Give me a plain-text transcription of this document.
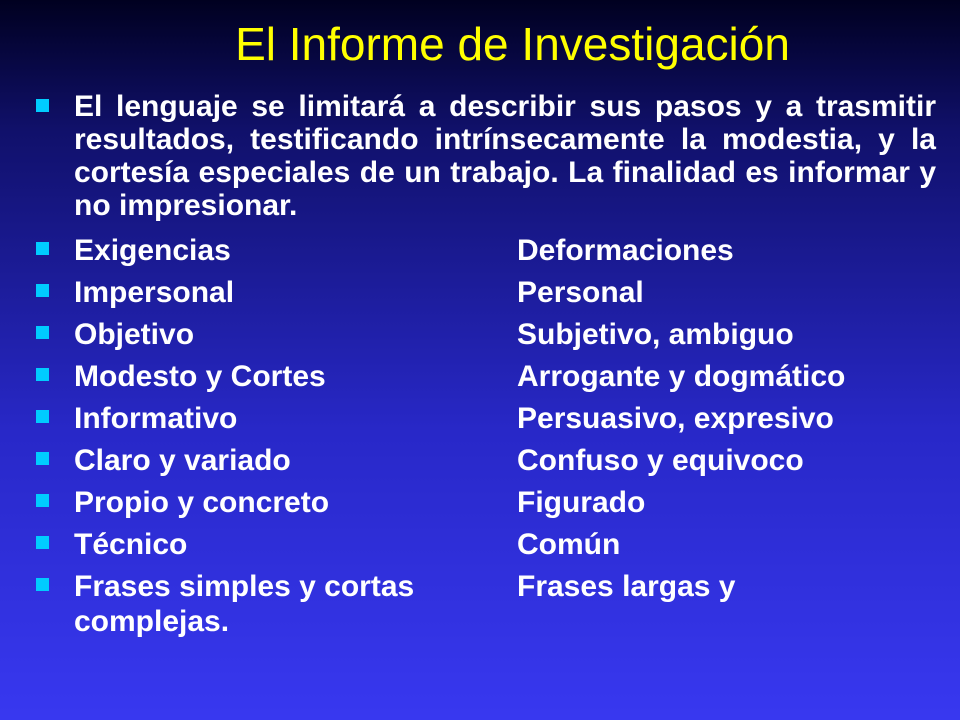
El Informe de Investigación
El lenguaje se limitará a describir sus pasos y a trasmitir resultados, testificando intrínsecamente la modestia, y la cortesía especiales de un trabajo. La finalidad es informar y no impresionar.
Exigencias	Deformaciones
Impersonal	Personal
Objetivo	Subjetivo, ambiguo
Modesto y Cortes	Arrogante y dogmático
Informativo	Persuasivo, expresivo
Claro y variado	Confuso y equivoco
Propio y concreto	Figurado
Técnico	Común
Frases simples y cortas	Frases largas y
complejas.
